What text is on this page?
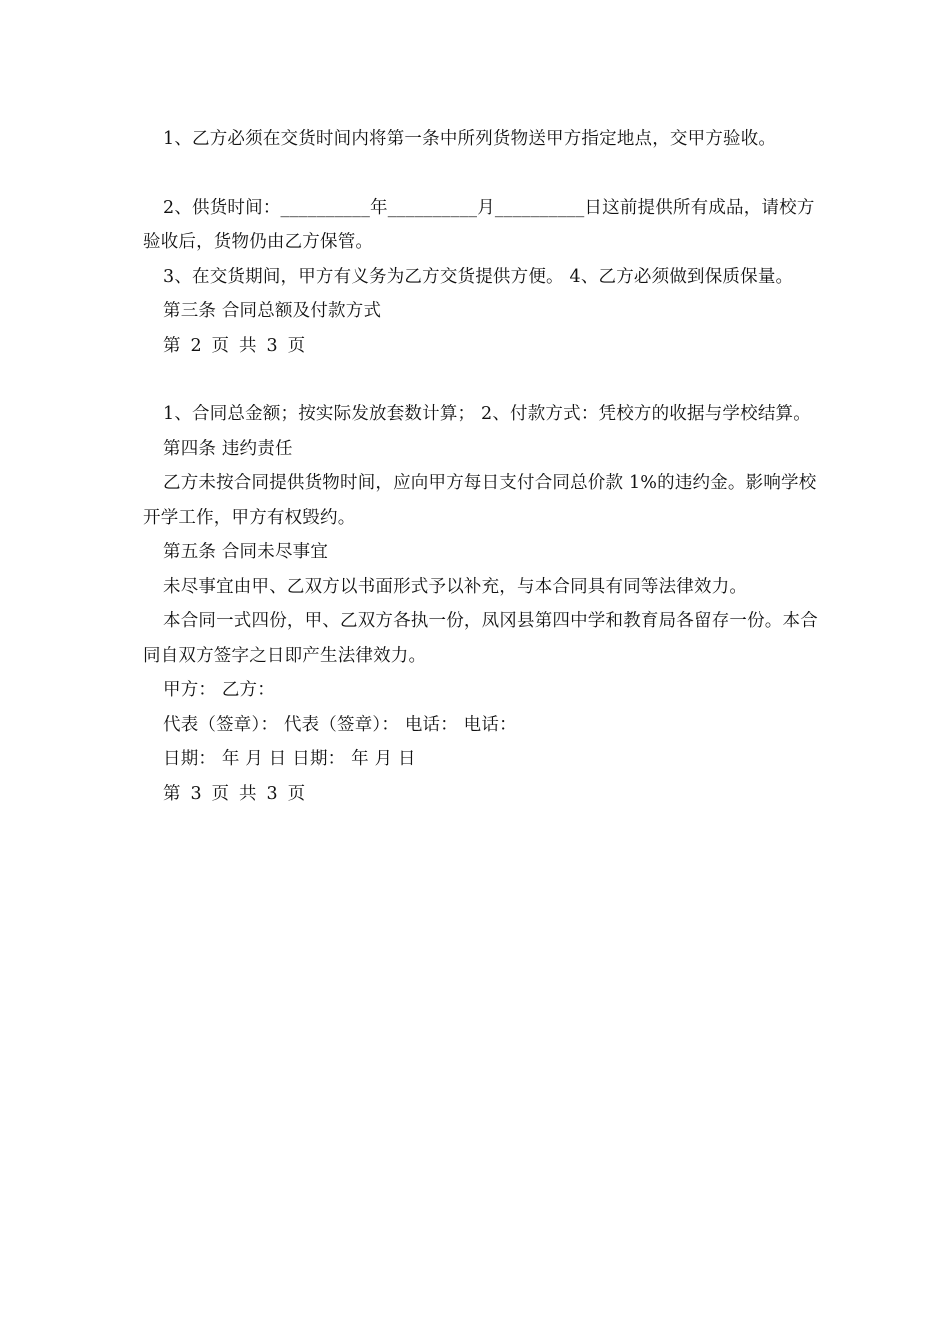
1、乙方必须在交货时间内将第一条中所列货物送甲方指定地点，交甲方验收。

2、供货时间：__________年__________月__________日这前提供所有成品，请校方验收后，货物仍由乙方保管。

3、在交货期间，甲方有义务为乙方交货提供方便。 4、乙方必须做到保质保量。

第三条 合同总额及付款方式

第 2 页 共 3 页

1、合同总金额；按实际发放套数计算； 2、付款方式：凭校方的收据与学校结算。

第四条 违约责任

乙方未按合同提供货物时间，应向甲方每日支付合同总价款 1%的违约金。影响学校开学工作，甲方有权毁约。

第五条 合同未尽事宜

未尽事宜由甲、乙双方以书面形式予以补充，与本合同具有同等法律效力。

本合同一式四份，甲、乙双方各执一份，凤冈县第四中学和教育局各留存一份。本合同自双方签字之日即产生法律效力。

甲方： 乙方：

代表（签章）： 代表（签章）： 电话： 电话：

日期： 年 月 日 日期： 年 月 日

第 3 页 共 3 页
